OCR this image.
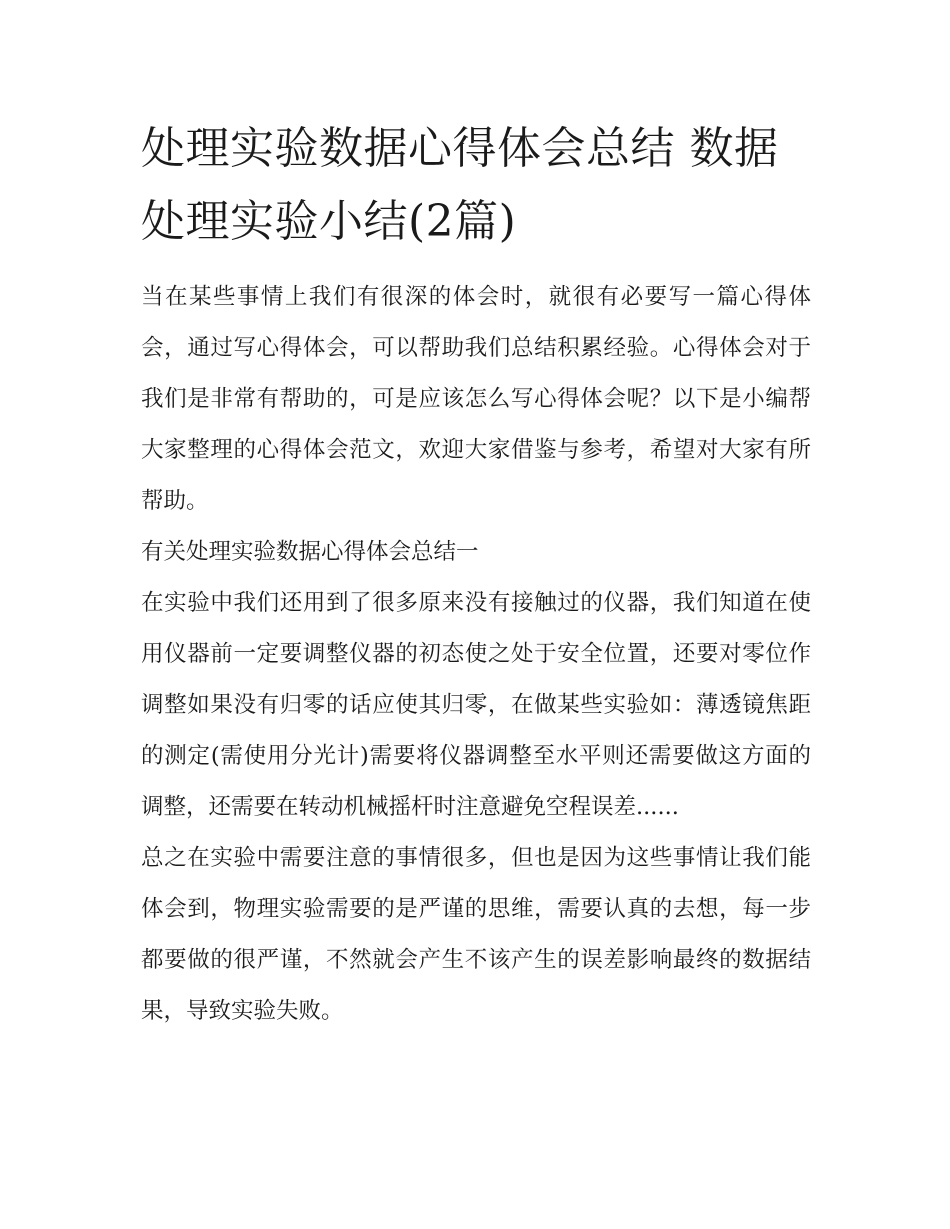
处理实验数据心得体会总结 数据处理实验小结(2篇)

当在某些事情上我们有很深的体会时，就很有必要写一篇心得体会，通过写心得体会，可以帮助我们总结积累经验。心得体会对于我们是非常有帮助的，可是应该怎么写心得体会呢？以下是小编帮大家整理的心得体会范文，欢迎大家借鉴与参考，希望对大家有所帮助。

有关处理实验数据心得体会总结一

在实验中我们还用到了很多原来没有接触过的仪器，我们知道在使用仪器前一定要调整仪器的初态使之处于安全位置，还要对零位作调整如果没有归零的话应使其归零，在做某些实验如：薄透镜焦距的测定(需使用分光计)需要将仪器调整至水平则还需要做这方面的调整，还需要在转动机械摇杆时注意避免空程误差......

总之在实验中需要注意的事情很多，但也是因为这些事情让我们能体会到，物理实验需要的是严谨的思维，需要认真的去想，每一步都要做的很严谨，不然就会产生不该产生的误差影响最终的数据结果，导致实验失败。
